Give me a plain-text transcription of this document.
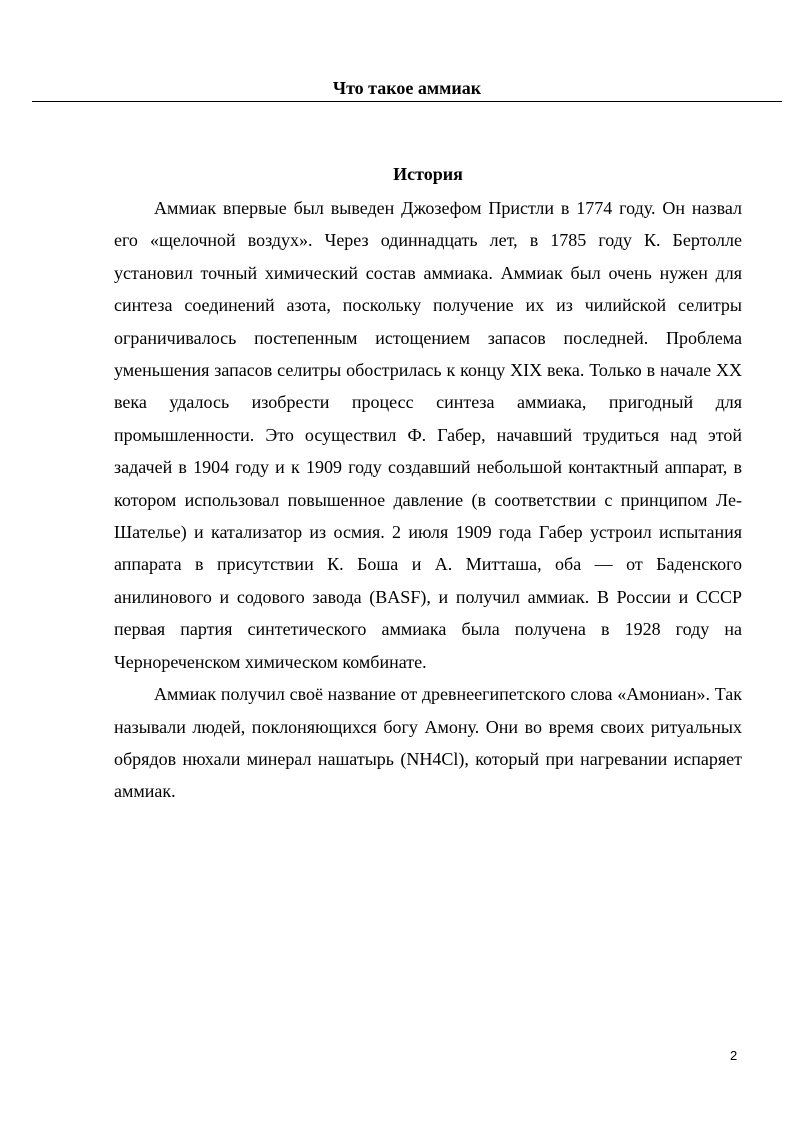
Что такое аммиак
История

Аммиак впервые был выведен Джозефом Пристли в 1774 году. Он назвал его «щелочной воздух». Через одиннадцать лет, в 1785 году К. Бертолле установил точный химический состав аммиака. Аммиак был очень нужен для синтеза соединений азота, поскольку получение их из чилийской селитры ограничивалось постепенным истощением запасов последней. Проблема уменьшения запасов селитры обострилась к концу XIX века. Только в начале XX века удалось изобрести процесс синтеза аммиака, пригодный для промышленности. Это осуществил Ф. Габер, начавший трудиться над этой задачей в 1904 году и к 1909 году создавший небольшой контактный аппарат, в котором использовал повышенное давление (в соответствии с принципом Ле-Шателье) и катализатор из осмия. 2 июля 1909 года Габер устроил испытания аппарата в присутствии К. Боша и А. Митташа, оба — от Баденского анилинового и содового завода (BASF), и получил аммиак. В России и СССР первая партия синтетического аммиака была получена в 1928 году на Чернореченском химическом комбинате.

Аммиак получил своё название от древнеегипетского слова «Амониан». Так называли людей, поклоняющихся богу Амону. Они во время своих ритуальных обрядов нюхали минерал нашатырь (NH4Cl), который при нагревании испаряет аммиак.

2
